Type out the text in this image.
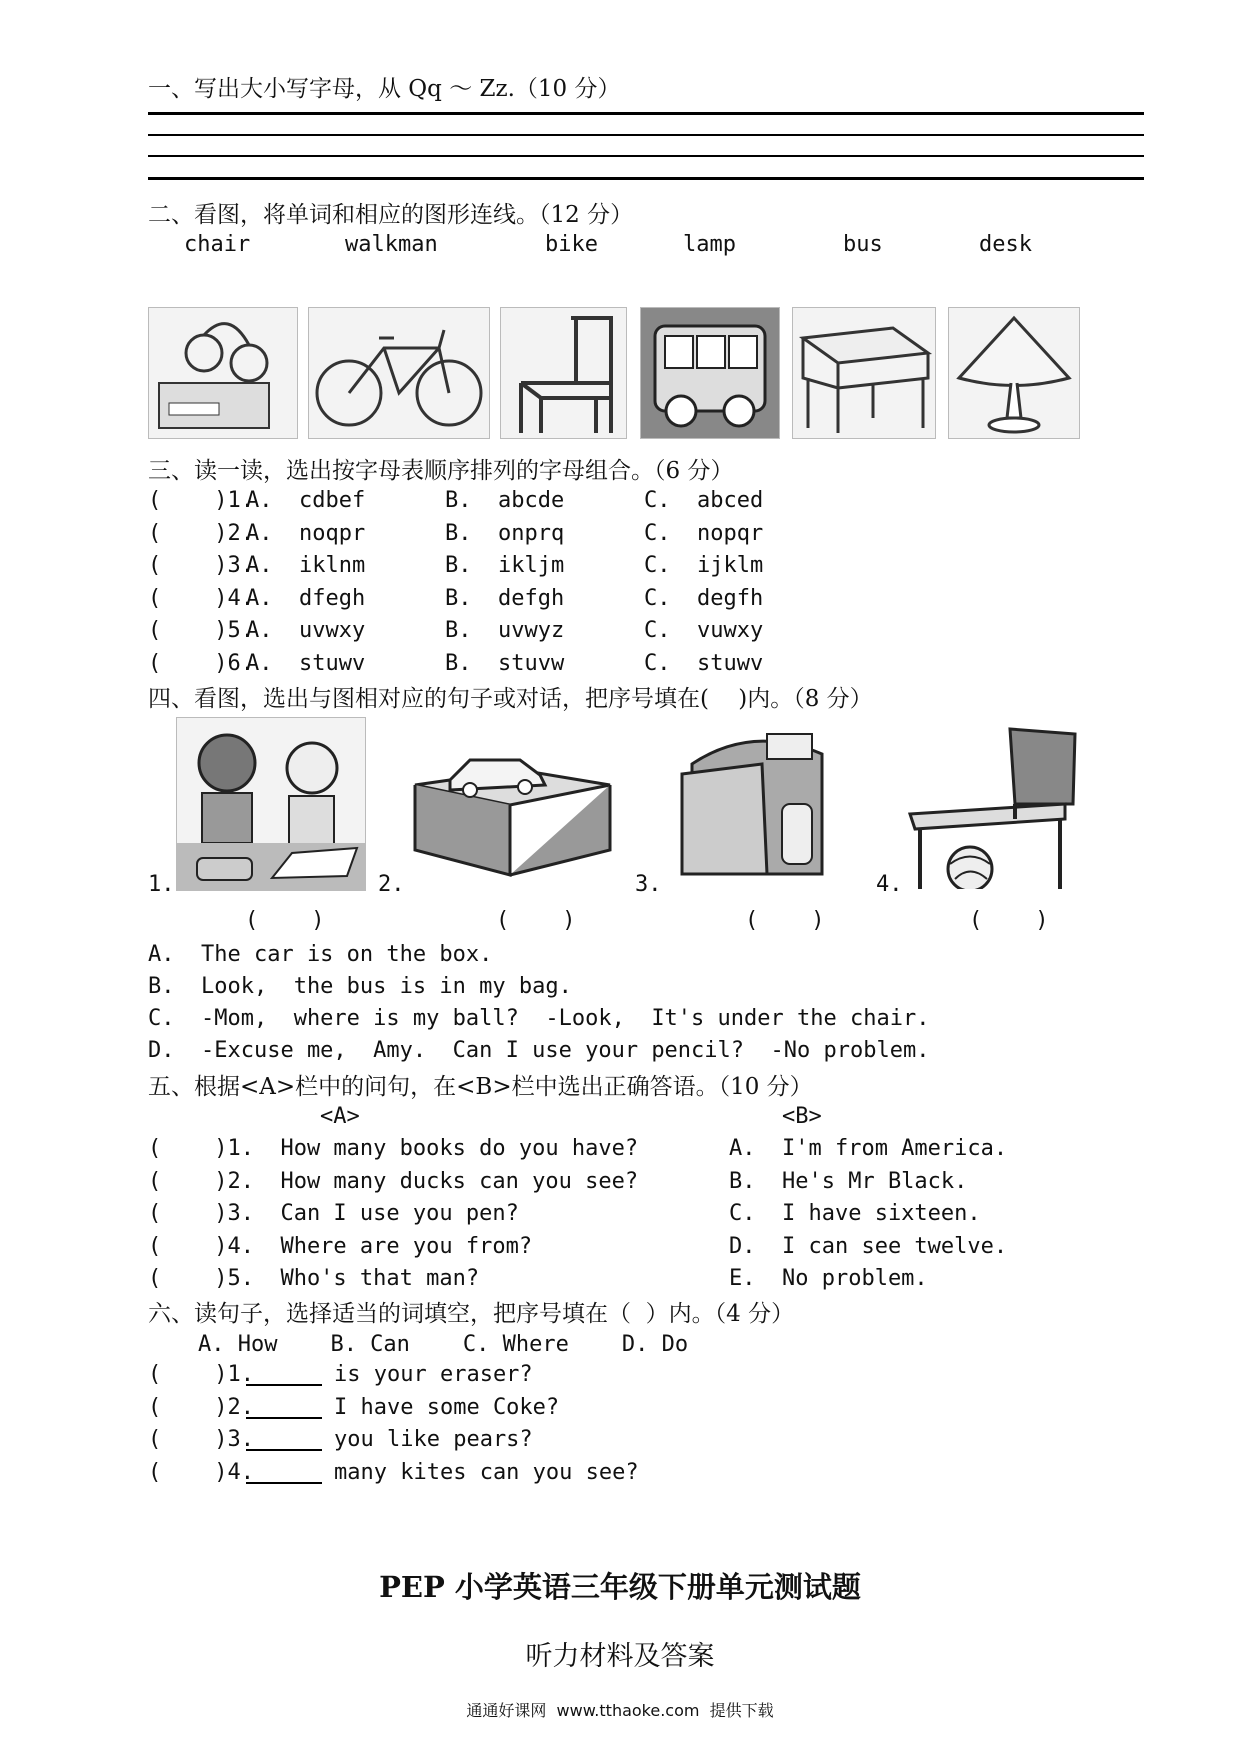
一、写出大小写字母，从 Qq ～ Zz.（10 分）
二、看图，将单词和相应的图形连线。（12 分）
chair	walkman	bike	lamp	bus	desk
三、读一读，选出按字母表顺序排列的字母组合。（6 分）
(    )1.
A.  cdbef	B.  abcde	C.  abced
(    )2.
A.  noqpr	B.  onprq	C.  nopqr
(    )3.
A.  iklnm	B.  ikljm	C.  ijklm
(    )4.
A.  dfegh	B.  defgh	C.  degfh
(    )5.
A.  uvwxy	B.  uvwyz	C.  vuwxy
(    )6.
A.  stuwv	B.  stuvw	C.  stuwv
四、看图，选出与图相对应的句子或对话，把序号填在(    )内。（8 分）
1.	2.	3.	4.
(    )	(    )	(    )	(    )
A.  The car is on the box.
B.  Look,  the bus is in my bag.
C.  -Mom,  where is my ball?  -Look,  It's under the chair.
D.  -Excuse me,  Amy.  Can I use your pencil?  -No problem.
五、根据<A>栏中的问句，在<B>栏中选出正确答语。（10 分）
<A>	<B>
(    )1.  How many books do you have?	A.  I'm from America.
(    )2.  How many ducks can you see?	B.  He's Mr Black.
(    )3.  Can I use you pen?	C.  I have sixteen.
(    )4.  Where are you from?	D.  I can see twelve.
(    )5.  Who's that man?	E.  No problem.
六、读句子，选择适当的词填空，把序号填在（  ）内。（4 分）
A. How    B. Can    C. Where    D. Do
(    )1.	is your eraser?
(    )2.	I have some Coke?
(    )3.	you like pears?
(    )4.	many kites can you see?
PEP 小学英语三年级下册单元测试题
听力材料及答案
通通好课网  www.tthaoke.com  提供下载
